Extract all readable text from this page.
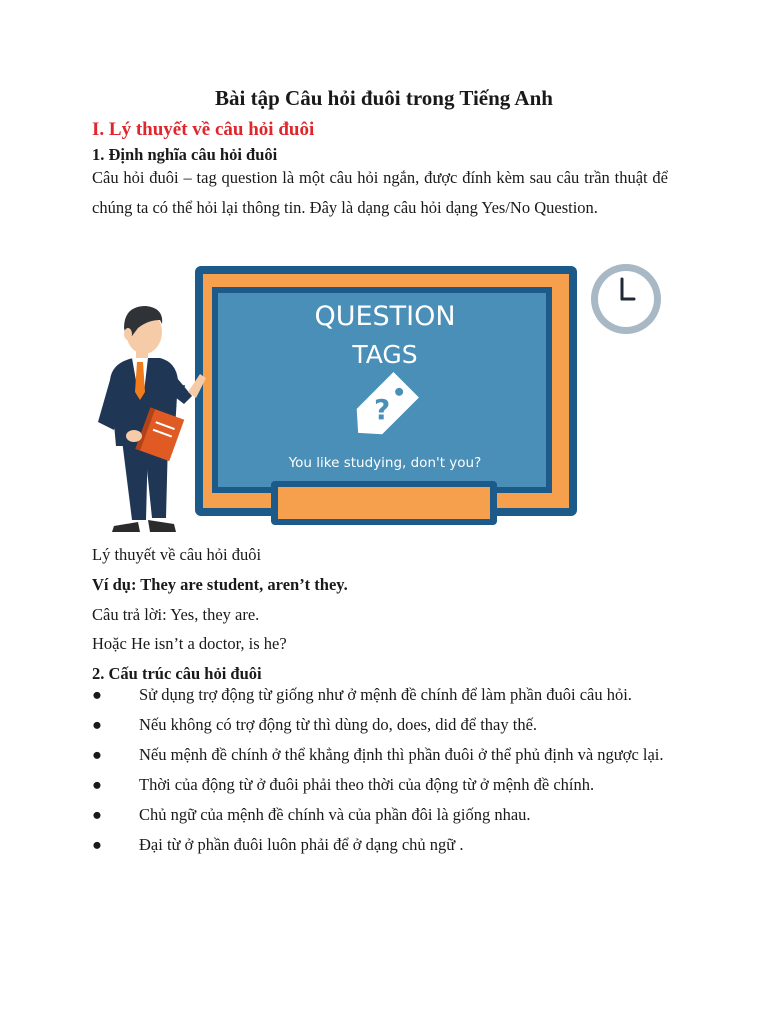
Bài tập Câu hỏi đuôi trong Tiếng Anh
I. Lý thuyết về câu hỏi đuôi
1. Định nghĩa câu hỏi đuôi

Câu hỏi đuôi – tag question là một câu hỏi ngắn, được đính kèm sau câu trần thuật để chúng ta có thể hỏi lại thông tin. Đây là dạng câu hỏi dạng Yes/No Question.

QUESTION
TAGS
?
You like studying, don't you?

Lý thuyết về câu hỏi đuôi

Ví dụ: They are student, aren’t they.

Câu trả lời: Yes, they are.

Hoặc He isn’t a doctor, is he?

2. Cấu trúc câu hỏi đuôi
●	Sử dụng trợ động từ giống như ở mệnh đề chính để làm phần đuôi câu hỏi.
●	Nếu không có trợ động từ thì dùng do, does, did để thay thế.
●	Nếu mệnh đề chính ở thể khẳng định thì phần đuôi ở thể phủ định và ngược lại.
●	Thời của động từ ở đuôi phải theo thời của động từ ở mệnh đề chính.
●	Chủ ngữ của mệnh đề chính và của phần đôi là giống nhau.
●	Đại từ ở phần đuôi luôn phải để ở dạng chủ ngữ .
